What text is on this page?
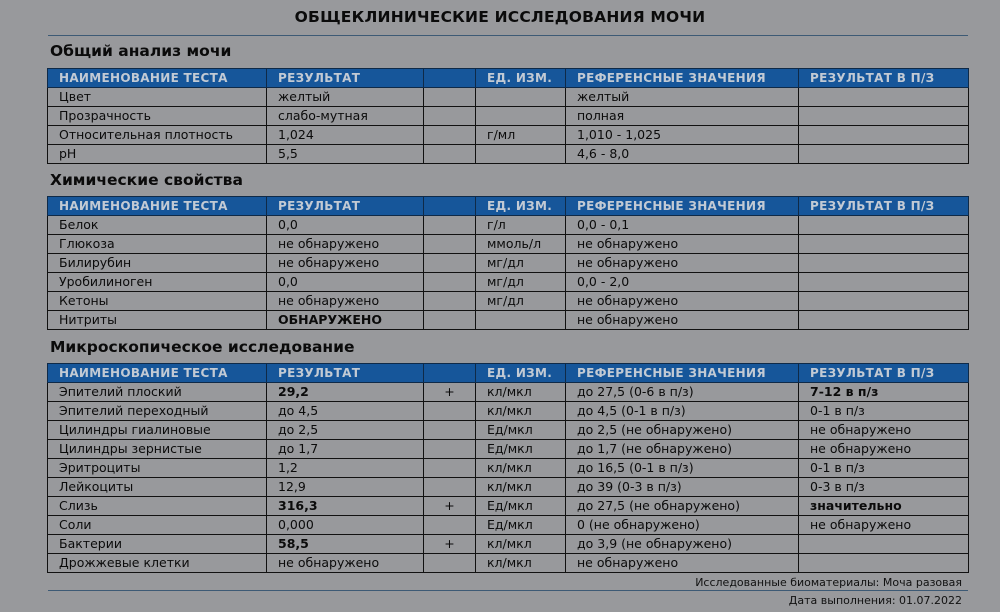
ОБЩЕКЛИНИЧЕСКИЕ ИССЛЕДОВАНИЯ МОЧИ
Общий анализ мочи
НАИМЕНОВАНИЕ ТЕСТА	РЕЗУЛЬТАТ		ЕД. ИЗМ.	РЕФЕРЕНСНЫЕ ЗНАЧЕНИЯ	РЕЗУЛЬТАТ В П/З
Цвет	желтый			желтый	
Прозрачность	слабо-мутная			полная	
Относительная плотность	1,024		г/мл	1,010 - 1,025	
pH	5,5			4,6 - 8,0	
Химические свойства
НАИМЕНОВАНИЕ ТЕСТА	РЕЗУЛЬТАТ		ЕД. ИЗМ.	РЕФЕРЕНСНЫЕ ЗНАЧЕНИЯ	РЕЗУЛЬТАТ В П/З
Белок	0,0		г/л	0,0 - 0,1	
Глюкоза	не обнаружено		ммоль/л	не обнаружено	
Билирубин	не обнаружено		мг/дл	не обнаружено	
Уробилиноген	0,0		мг/дл	0,0 - 2,0	
Кетоны	не обнаружено		мг/дл	не обнаружено	
Нитриты	ОБНАРУЖЕНО			не обнаружено	
Микроскопическое исследование
НАИМЕНОВАНИЕ ТЕСТА	РЕЗУЛЬТАТ		ЕД. ИЗМ.	РЕФЕРЕНСНЫЕ ЗНАЧЕНИЯ	РЕЗУЛЬТАТ В П/З
Эпителий плоский	29,2	+	кл/мкл	до 27,5 (0-6 в п/з)	7-12 в п/з
Эпителий переходный	до 4,5		кл/мкл	до 4,5 (0-1 в п/з)	0-1 в п/з
Цилиндры гиалиновые	до 2,5		Ед/мкл	до 2,5 (не обнаружено)	не обнаружено
Цилиндры зернистые	до 1,7		Ед/мкл	до 1,7 (не обнаружено)	не обнаружено
Эритроциты	1,2		кл/мкл	до 16,5 (0-1 в п/з)	0-1 в п/з
Лейкоциты	12,9		кл/мкл	до 39 (0-3 в п/з)	0-3 в п/з
Слизь	316,3	+	Ед/мкл	до 27,5 (не обнаружено)	значительно
Соли	0,000		Ед/мкл	0 (не обнаружено)	не обнаружено
Бактерии	58,5	+	кл/мкл	до 3,9 (не обнаружено)	
Дрожжевые клетки	не обнаружено		кл/мкл	не обнаружено	
Исследованные биоматериалы: Моча разовая
Дата выполнения: 01.07.2022
